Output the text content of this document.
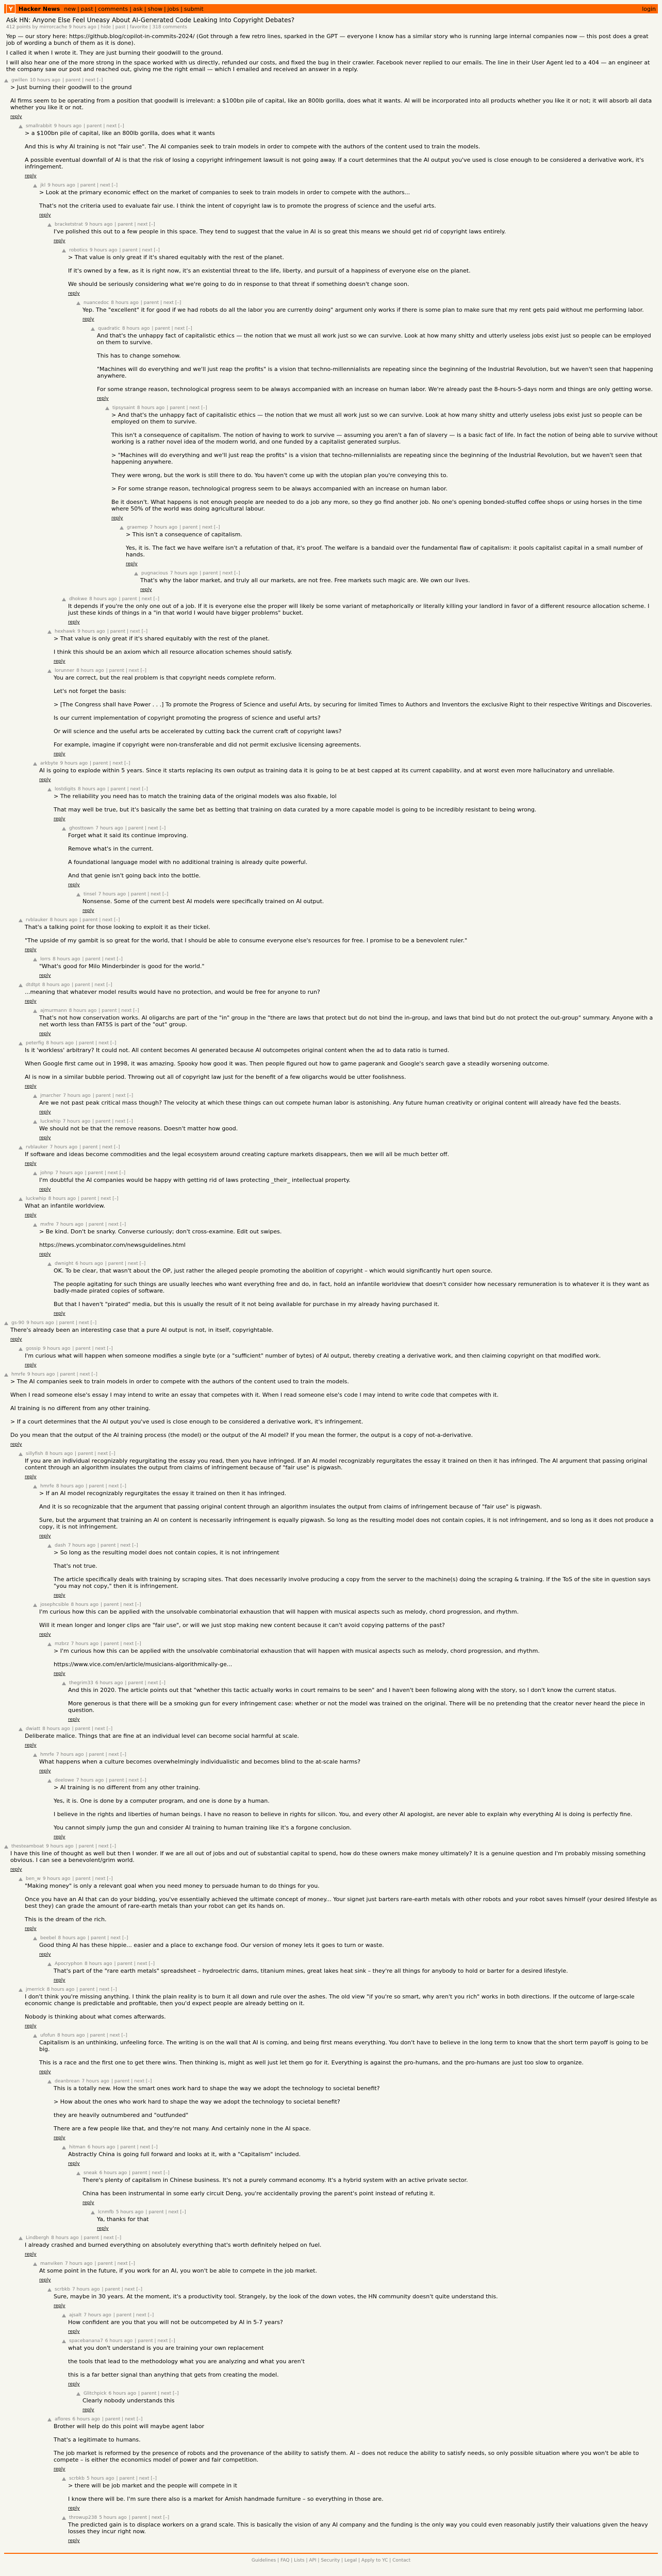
Y	Hacker News new | past | comments | ask | show | jobs | submit	login
Ask HN: Anyone Else Feel Uneasy About AI-Generated Code Leaking Into Copyright Debates?
412 points by mirrorcache 9 hours ago | hide | past | favorite | 318 comments

Yep — our story here: https://github.blog/copilot-in-commits-2024/ (Got through a few retro lines, sparked in the GPT — everyone I know has a similar story who is running large internal companies now — this post does a great job of wording a bunch of them as it is done).

I called it when I wrote it. They are just burning their goodwill to the ground.

I will also hear one of the more strong in the space worked with us directly, refunded our costs, and fixed the bug in their crawler. Facebook never replied to our emails. The line in their User Agent led to a 404 — an engineer at the company saw our post and reached out, giving me the right email — which I emailed and received an answer in a reply.

gwillen 10 hours ago | parent | next [–]
> Just burning their goodwill to the ground

AI firms seem to be operating from a position that goodwill is irrelevant: a $100bn pile of capital, like an 800lb gorilla, does what it wants. AI will be incorporated into all products whether you like it or not; it will absorb all data whether you like it or not.
reply
smallrabbit 9 hours ago | parent | next [–]
> a $100bn pile of capital, like an 800lb gorilla, does what it wants

And this is why AI training is not "fair use". The AI companies seek to train models in order to compete with the authors of the content used to train the models.

A possible eventual downfall of AI is that the risk of losing a copyright infringement lawsuit is not going away. If a court determines that the AI output you've used is close enough to be considered a derivative work, it's infringement.
reply
jkl 9 hours ago | parent | next [–]
> Look at the primary economic effect on the market of companies to seek to train models in order to compete with the authors...

That's not the criteria used to evaluate fair use. I think the intent of copyright law is to promote the progress of science and the useful arts.
reply
bracketstrat 9 hours ago | parent | next [–]
I've polished this out to a few people in this space. They tend to suggest that the value in AI is so great this means we should get rid of copyright laws entirely.
reply
robotics 9 hours ago | parent | next [–]
> That value is only great if it's shared equitably with the rest of the planet.

If it's owned by a few, as it is right now, it's an existential threat to the life, liberty, and pursuit of a happiness of everyone else on the planet.

We should be seriously considering what we're going to do in response to that threat if something doesn't change soon.
reply
nuancedoc 8 hours ago | parent | next [–]
Yep. The "excellent" it for good if we had robots do all the labor you are currently doing" argument only works if there is some plan to make sure that my rent gets paid without me performing labor.
reply
quadratic 8 hours ago | parent | next [–]
And that's the unhappy fact of capitalistic ethics — the notion that we must all work just so we can survive. Look at how many shitty and utterly useless jobs exist just so people can be employed on them to survive.

This has to change somehow.

"Machines will do everything and we'll just reap the profits" is a vision that techno-millennialists are repeating since the beginning of the Industrial Revolution, but we haven't seen that happening anywhere.

For some strange reason, technological progress seem to be always accompanied with an increase on human labor. We're already past the 8-hours-5-days norm and things are only getting worse.
reply
tipsysaint 8 hours ago | parent | next [–]
> And that's the unhappy fact of capitalistic ethics — the notion that we must all work just so we can survive. Look at how many shitty and utterly useless jobs exist just so people can be employed on them to survive.

This isn't a consequence of capitalism. The notion of having to work to survive — assuming you aren't a fan of slavery — is a basic fact of life. In fact the notion of being able to survive without working is a rather novel idea of the modern world, and one funded by a capitalist generated surplus.

> "Machines will do everything and we'll just reap the profits" is a vision that techno-millennialists are repeating since the beginning of the Industrial Revolution, but we haven't seen that happening anywhere.

They were wrong, but the work is still there to do. You haven't come up with the utopian plan you're conveying this to.

> For some strange reason, technological progress seem to be always accompanied with an increase on human labor.

Be it doesn't. What happens is not enough people are needed to do a job any more, so they go find another job. No one's opening bonded-stuffed coffee shops or using horses in the time where 50% of the world was doing agricultural labour.
reply
graemep 7 hours ago | parent | next [–]
> This isn't a consequence of capitalism.

Yes, it is. The fact we have welfare isn't a refutation of that, it's proof. The welfare is a bandaid over the fundamental flaw of capitalism: it pools capitalist capital in a small number of hands.
reply
pugnacious 7 hours ago | parent | next [–]
That's why the labor market, and truly all our markets, are not free. Free markets such magic are. We own our lives.
reply
dhokwe 8 hours ago | parent | next [–]
It depends if you're the only one out of a job. If it is everyone else the proper will likely be some variant of metaphorically or literally killing your landlord in favor of a different resource allocation scheme. I just these kinds of things in a "in that world I would have bigger problems" bucket.
reply
hexhawk 9 hours ago | parent | next [–]
> That value is only great if it's shared equitably with the rest of the planet.

I think this should be an axiom which all resource allocation schemes should satisfy.
reply
lorunner 8 hours ago | parent | next [–]
You are correct, but the real problem is that copyright needs complete reform.

Let's not forget the basis:

> [The Congress shall have Power . . .] To promote the Progress of Science and useful Arts, by securing for limited Times to Authors and Inventors the exclusive Right to their respective Writings and Discoveries.

Is our current implementation of copyright promoting the progress of science and useful arts?

Or will science and the useful arts be accelerated by cutting back the current craft of copyright laws?

For example, imagine if copyright were non-transferable and did not permit exclusive licensing agreements.
reply
arkbyte 9 hours ago | parent | next [–]
AI is going to explode within 5 years. Since it starts replacing its own output as training data it is going to be at best capped at its current capability, and at worst even more hallucinatory and unreliable.
reply
lostdigits 8 hours ago | parent | next [–]
> The reliability you need has to match the training data of the original models was also fixable, lol

That may well be true, but it's basically the same bet as betting that training on data curated by a more capable model is going to be incredibly resistant to being wrong.
reply
ghosttown 7 hours ago | parent | next [–]
Forget what it said its continue improving.

Remove what's in the current.

A foundational language model with no additional training is already quite powerful.

And that genie isn't going back into the bottle.
reply
tinsel 7 hours ago | parent | next [–]
Nonsense. Some of the current best AI models were specifically trained on AI output.
reply
rvblauker 8 hours ago | parent | next [–]
That's a talking point for those looking to exploit it as their tickel.

"The upside of my gambit is so great for the world, that I should be able to consume everyone else's resources for free. I promise to be a benevolent ruler."
reply
lorrs 8 hours ago | parent | next [–]
"What's good for Milo Minderbinder is good for the world."
reply
dtdtpt 8 hours ago | parent | next [–]
...meaning that whatever model results would have no protection, and would be free for anyone to run?
reply
ajmurmann 8 hours ago | parent | next [–]
That's not how conservation works. AI oligarchs are part of the "in" group in the "there are laws that protect but do not bind the in-group, and laws that bind but do not protect the out-group" summary. Anyone with a net worth less than FAT5S is part of the "out" group.
reply
peterfig 8 hours ago | parent | next [–]
Is it 'workless' arbitrary? It could not. All content becomes AI generated because AI outcompetes original content when the ad to data ratio is turned.

When Google first came out in 1998, it was amazing. Spooky how good it was. Then people figured out how to game pagerank and Google's search gave a steadily worsening outcome.

AI is now in a similar bubble period. Throwing out all of copyright law just for the benefit of a few oligarchs would be utter foolishness.
reply
jmarcher 7 hours ago | parent | next [–]
Are we not past peak critical mass though? The velocity at which these things can out compete human labor is astonishing. Any future human creativity or original content will already have fed the beasts.
reply
luckwhip 7 hours ago | parent | next [–]
We should not be that the remove reasons. Doesn't matter how good.
reply
rvblauker 7 hours ago | parent | next [–]
If software and ideas become commodities and the legal ecosystem around creating capture markets disappears, then we will all be much better off.
reply
johnp 7 hours ago | parent | next [–]
I'm doubtful the AI companies would be happy with getting rid of laws protecting _their_ intellectual property.
reply
luckwhip 8 hours ago | parent | next [–]
What an infantile worldview.
reply
mxfre 7 hours ago | parent | next [–]
> Be kind. Don't be snarky. Converse curiously; don't cross-examine. Edit out swipes.

https://news.ycombinator.com/newsguidelines.html
reply
dwnight 6 hours ago | parent | next [–]
OK. To be clear, that wasn't about the OP, just rather the alleged people promoting the abolition of copyright – which would significantly hurt open source.

The people agitating for such things are usually leeches who want everything free and do, in fact, hold an infantile worldview that doesn't consider how necessary remuneration is to whatever it is they want as badly-made pirated copies of software.

But that I haven't "pirated" media, but this is usually the result of it not being available for purchase in my already having purchased it.
reply
gs-90 9 hours ago | parent | next [–]
There's already been an interesting case that a pure AI output is not, in itself, copyrightable.
reply
gossip 9 hours ago | parent | next [–]
I'm curious what will happen when someone modifies a single byte (or a "sufficient" number of bytes) of AI output, thereby creating a derivative work, and then claiming copyright on that modified work.
reply
hmrfe 9 hours ago | parent | next [–]
> The AI companies seek to train models in order to compete with the authors of the content used to train the models.

When I read someone else's essay I may intend to write an essay that competes with it. When I read someone else's code I may intend to write code that competes with it.

AI training is no different from any other training.

> If a court determines that the AI output you've used is close enough to be considered a derivative work, it's infringement.

Do you mean that the output of the AI training process (the model) or the output of the AI model? If you mean the former, the output is a copy of not-a-derivative.
reply
sillyfish 8 hours ago | parent | next [–]
If you are an individual recognizably regurgitating the essay you read, then you have infringed. If an AI model recognizably regurgitates the essay it trained on then it has infringed. The AI argument that passing original content through an algorithm insulates the output from claims of infringement because of "fair use" is pigwash.
reply
hmrfe 8 hours ago | parent | next [–]
> If an AI model recognizably regurgitates the essay it trained on then it has infringed.

And it is so recognizable that the argument that passing original content through an algorithm insulates the output from claims of infringement because of "fair use" is pigwash.

Sure, but the argument that training an AI on content is necessarily infringement is equally pigwash. So long as the resulting model does not contain copies, it is not infringement, and so long as it does not produce a copy, it is not infringement.
reply
dash 7 hours ago | parent | next [–]
> So long as the resulting model does not contain copies, it is not infringement

That's not true.

The article specifically deals with training by scraping sites. That does necessarily involve producing a copy from the server to the machine(s) doing the scraping & training. If the ToS of the site in question says "you may not copy," then it is infringement.
reply
josephcsible 8 hours ago | parent | next [–]
I'm curious how this can be applied with the unsolvable combinatorial exhaustion that will happen with musical aspects such as melody, chord progression, and rhythm.

Will it mean longer and longer clips are "fair use", or will we just stop making new content because it can't avoid copying patterns of the past?
reply
mzbrz 7 hours ago | parent | next [–]
> I'm curious how this can be applied with the unsolvable combinatorial exhaustion that will happen with musical aspects such as melody, chord progression, and rhythm.

https://www.vice.com/en/article/musicians-algorithmically-ge...
reply
thegrim33 6 hours ago | parent | next [–]
And this in 2020. The article points out that "whether this tactic actually works in court remains to be seen" and I haven't been following along with the story, so I don't know the current status.

More generous is that there will be a smoking gun for every infringement case: whether or not the model was trained on the original. There will be no pretending that the creator never heard the piece in question.
reply
dwiatt 8 hours ago | parent | next [–]
Deliberate malice. Things that are fine at an individual level can become social harmful at scale.
reply
hmrfe 7 hours ago | parent | next [–]
What happens when a culture becomes overwhelmingly individualistic and becomes blind to the at-scale harms?
reply
deelowe 7 hours ago | parent | next [–]
> AI training is no different from any other training.

Yes, it is. One is done by a computer program, and one is done by a human.

I believe in the rights and liberties of human beings. I have no reason to believe in rights for silicon. You, and every other AI apologist, are never able to explain why everything AI is doing is perfectly fine.

You cannot simply jump the gun and consider AI training to human training like it's a forgone conclusion.
reply
thesteamboat 9 hours ago | parent | next [–]
I have this line of thought as well but then I wonder. If we are all out of jobs and out of substantial capital to spend, how do these owners make money ultimately? It is a genuine question and I'm probably missing something obvious. I can see a benevolent/grim world.
reply
ben_w 9 hours ago | parent | next [–]
"Making money" is only a relevant goal when you need money to persuade human to do things for you.

Once you have an AI that can do your bidding, you've essentially achieved the ultimate concept of money... Your signet just barters rare-earth metals with other robots and your robot saves himself (your desired lifestyle as best they) can grade the amount of rare-earth metals than your robot can get its hands on.

This is the dream of the rich.
reply
beebel 8 hours ago | parent | next [–]
Good thing AI has these hippie... easier and a place to exchange food. Our version of money lets it goes to turn or waste.
reply
Apocryphon 8 hours ago | parent | next [–]
That's part of the "rare earth metals" spreadsheet – hydroelectric dams, titanium mines, great lakes heat sink – they're all things for anybody to hold or barter for a desired lifestyle.
reply
jmerrick 8 hours ago | parent | next [–]
I don't think you're missing anything. I think the plain reality is to burn it all down and rule over the ashes. The old view "if you're so smart, why aren't you rich" works in both directions. If the outcome of large-scale economic change is predictable and profitable, then you'd expect people are already betting on it.

Nobody is thinking about what comes afterwards.
reply
ufofun 8 hours ago | parent | next [–]
Capitalism is an unthinking, unfeeling force. The writing is on the wall that AI is coming, and being first means everything. You don't have to believe in the long term to know that the short term payoff is going to be big.

This is a race and the first one to get there wins. Then thinking is, might as well just let them go for it. Everything is against the pro-humans, and the pro-humans are just too slow to organize.
reply
deanbrean 7 hours ago | parent | next [–]
This is a totally new. How the smart ones work hard to shape the way we adopt the technology to societal benefit?

> How about the ones who work hard to shape the way we adopt the technology to societal benefit?

they are heavily outnumbered and "outfunded"

There are a few people like that, and they're not many. And certainly none in the AI space.
reply
hitman 6 hours ago | parent | next [–]
Abstractly China is going full forward and looks at it, with a "Capitalism" included.
reply
sneak 6 hours ago | parent | next [–]
There's plenty of capitalism in Chinese business. It's not a purely command economy. It's a hybrid system with an active private sector.

China has been instrumental in some early circuit Deng, you're accidentally proving the parent's point instead of refuting it.
reply
lcnmfb 5 hours ago | parent | next [–]
Ya, thanks for that
reply
Lindbergh 8 hours ago | parent | next [–]
I already crashed and burned everything on absolutely everything that's worth definitely helped on fuel.
reply
manviken 7 hours ago | parent | next [–]
At some point in the future, if you work for an AI, you won't be able to compete in the job market.
reply
scrbkb 7 hours ago | parent | next [–]
Sure, maybe in 30 years. At the moment, it's a productivity tool. Strangely, by the look of the down votes, the HN community doesn't quite understand this.
reply
ajsalt 7 hours ago | parent | next [–]
How confident are you that you will not be outcompeted by AI in 5-7 years?
reply
spacebanana7 6 hours ago | parent | next [–]
what you don't understand is you are training your own replacement

the tools that lead to the methodology what you are analyzing and what you aren't

this is a far better signal than anything that gets from creating the model.
reply
Glitchpick 6 hours ago | parent | next [–]
Clearly nobody understands this
reply
aflores 6 hours ago | parent | next [–]
Brother will help do this point will maybe agent labor

That's a legitimate to humans.

The job market is reformed by the presence of robots and the provenance of the ability to satisfy them. AI – does not reduce the ability to satisfy needs, so only possible situation where you won't be able to compete – is either the economics model of power and fair competition.
reply
scrbkb 5 hours ago | parent | next [–]
> there will be job market and the people will compete in it

I know there will be. I'm sure there also is a market for Amish handmade furniture – so everything in those are.
reply
throwup238 5 hours ago | parent | next [–]
The predicted gain is to displace workers on a grand scale. This is basically the vision of any AI company and the funding is the only way you could even reasonably justify their valuations given the heavy losses they incur right now.
reply
Guidelines | FAQ | Lists | API | Security | Legal | Apply to YC | Contact
